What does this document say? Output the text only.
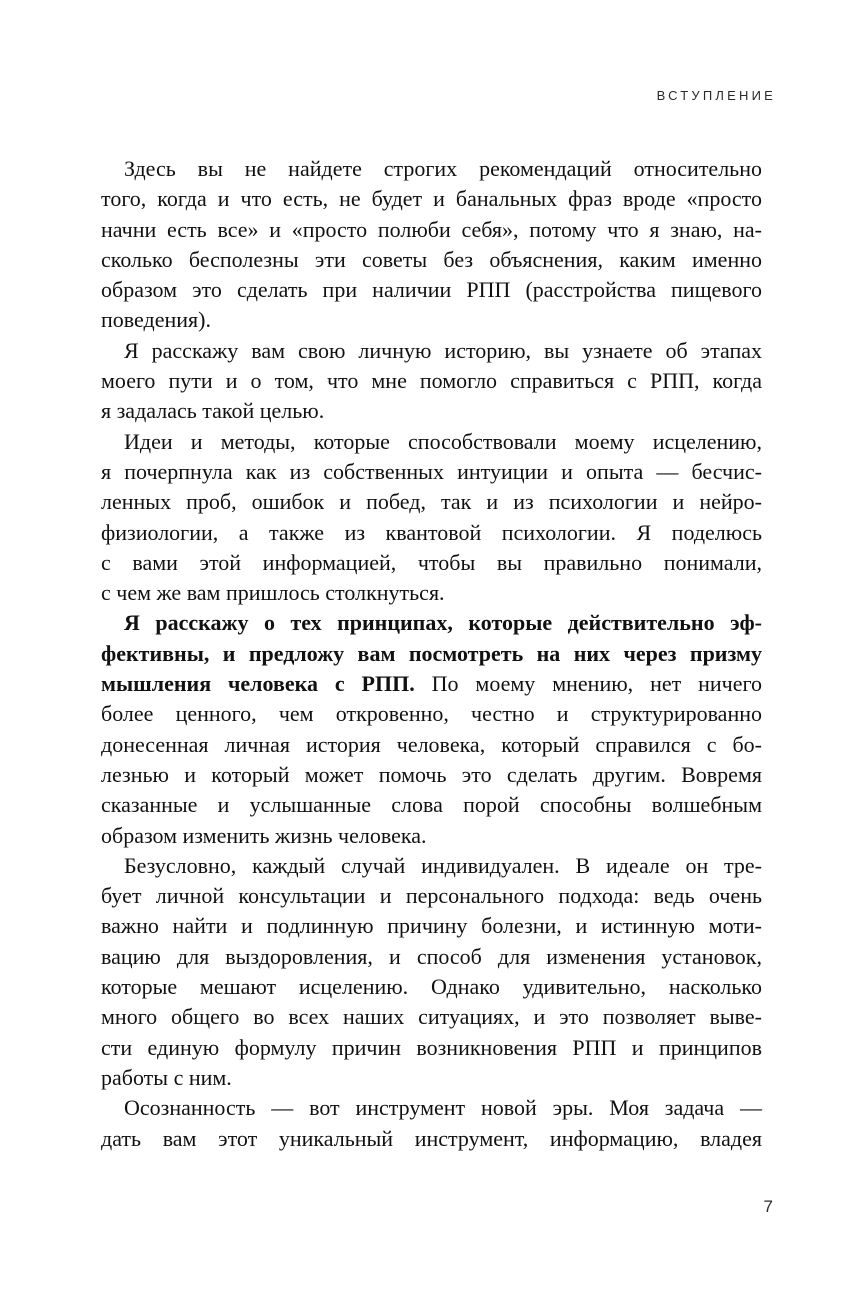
ВСТУПЛЕНИЕ
Здесь вы не найдете строгих рекомендаций относительно
того, когда и что есть, не будет и банальных фраз вроде «просто
начни есть все» и «просто полюби себя», потому что я знаю, на-
сколько бесполезны эти советы без объяснения, каким именно
образом это сделать при наличии РПП (расстройства пищевого
поведения).
Я расскажу вам свою личную историю, вы узнаете об этапах
моего пути и о том, что мне помогло справиться с РПП, когда
я задалась такой целью.
Идеи и методы, которые способствовали моему исцелению,
я почерпнула как из собственных интуиции и опыта — бесчис-
ленных проб, ошибок и побед, так и из психологии и нейро-
физиологии, а также из квантовой психологии. Я поделюсь
с вами этой информацией, чтобы вы правильно понимали,
с чем же вам пришлось столкнуться.
Я расскажу о тех принципах, которые действительно эф-
фективны, и предложу вам посмотреть на них через призму
мышления человека с РПП. По моему мнению, нет ничего
более ценного, чем откровенно, честно и структурированно
донесенная личная история человека, который справился с бо-
лезнью и который может помочь это сделать другим. Вовремя
сказанные и услышанные слова порой способны волшебным
образом изменить жизнь человека.
Безусловно, каждый случай индивидуален. В идеале он тре-
бует личной консультации и персонального подхода: ведь очень
важно найти и подлинную причину болезни, и истинную моти-
вацию для выздоровления, и способ для изменения установок,
которые мешают исцелению. Однако удивительно, насколько
много общего во всех наших ситуациях, и это позволяет выве-
сти единую формулу причин возникновения РПП и принципов
работы с ним.
Осознанность — вот инструмент новой эры. Моя задача —
дать вам этот уникальный инструмент, информацию, владея
7
